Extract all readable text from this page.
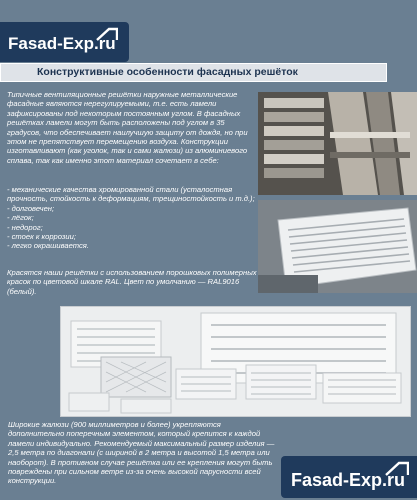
Fasad-Exp.ru
Конструктивные особенности фасадных решёток
Типичные вентиляционные решётки наружные металлические фасадные являются нерегулируемыми, т.е. есть ламели зафиксированы под некоторым постоянным углом. В фасадных решётках ламели могут быть расположены под углом в 35 градусов, что обеспечивает наилучшую защиту от дождя, но при этом не препятствует перемещению воздуха. Конструкции изготавливают (как уголок, так и сами жалюзи) из алюминиевого сплава, так как именно этот материал сочетает в себе:
- механические качества хромированной стали (усталостная прочность, стойкость к деформациям, трещиностойкость и т.д.);
- долговечен;
- лёгок;
- недорог;
- стоек к коррозии;
- легко окрашивается.
Красятся наши решётки с использованием порошковых полимерных красок по цветовой шкале RAL. Цвет по умолчанию — RAL9016 (белый).
Широкие жалюзи (900 миллиметров и более) укрепляются дополнительно поперечным элементом, который крепится к каждой ламели индивидуально. Рекомендуемый максимальный размер изделия — 2,5 метра по диагонали (с шириной в 2 метра и высотой 1,5 метра или наоборот). В противном случае решётка или ее крепления могут быть повреждены при сильном ветре из-за очень высокой парусности всей конструкции.	Fasad-Exp.ru
